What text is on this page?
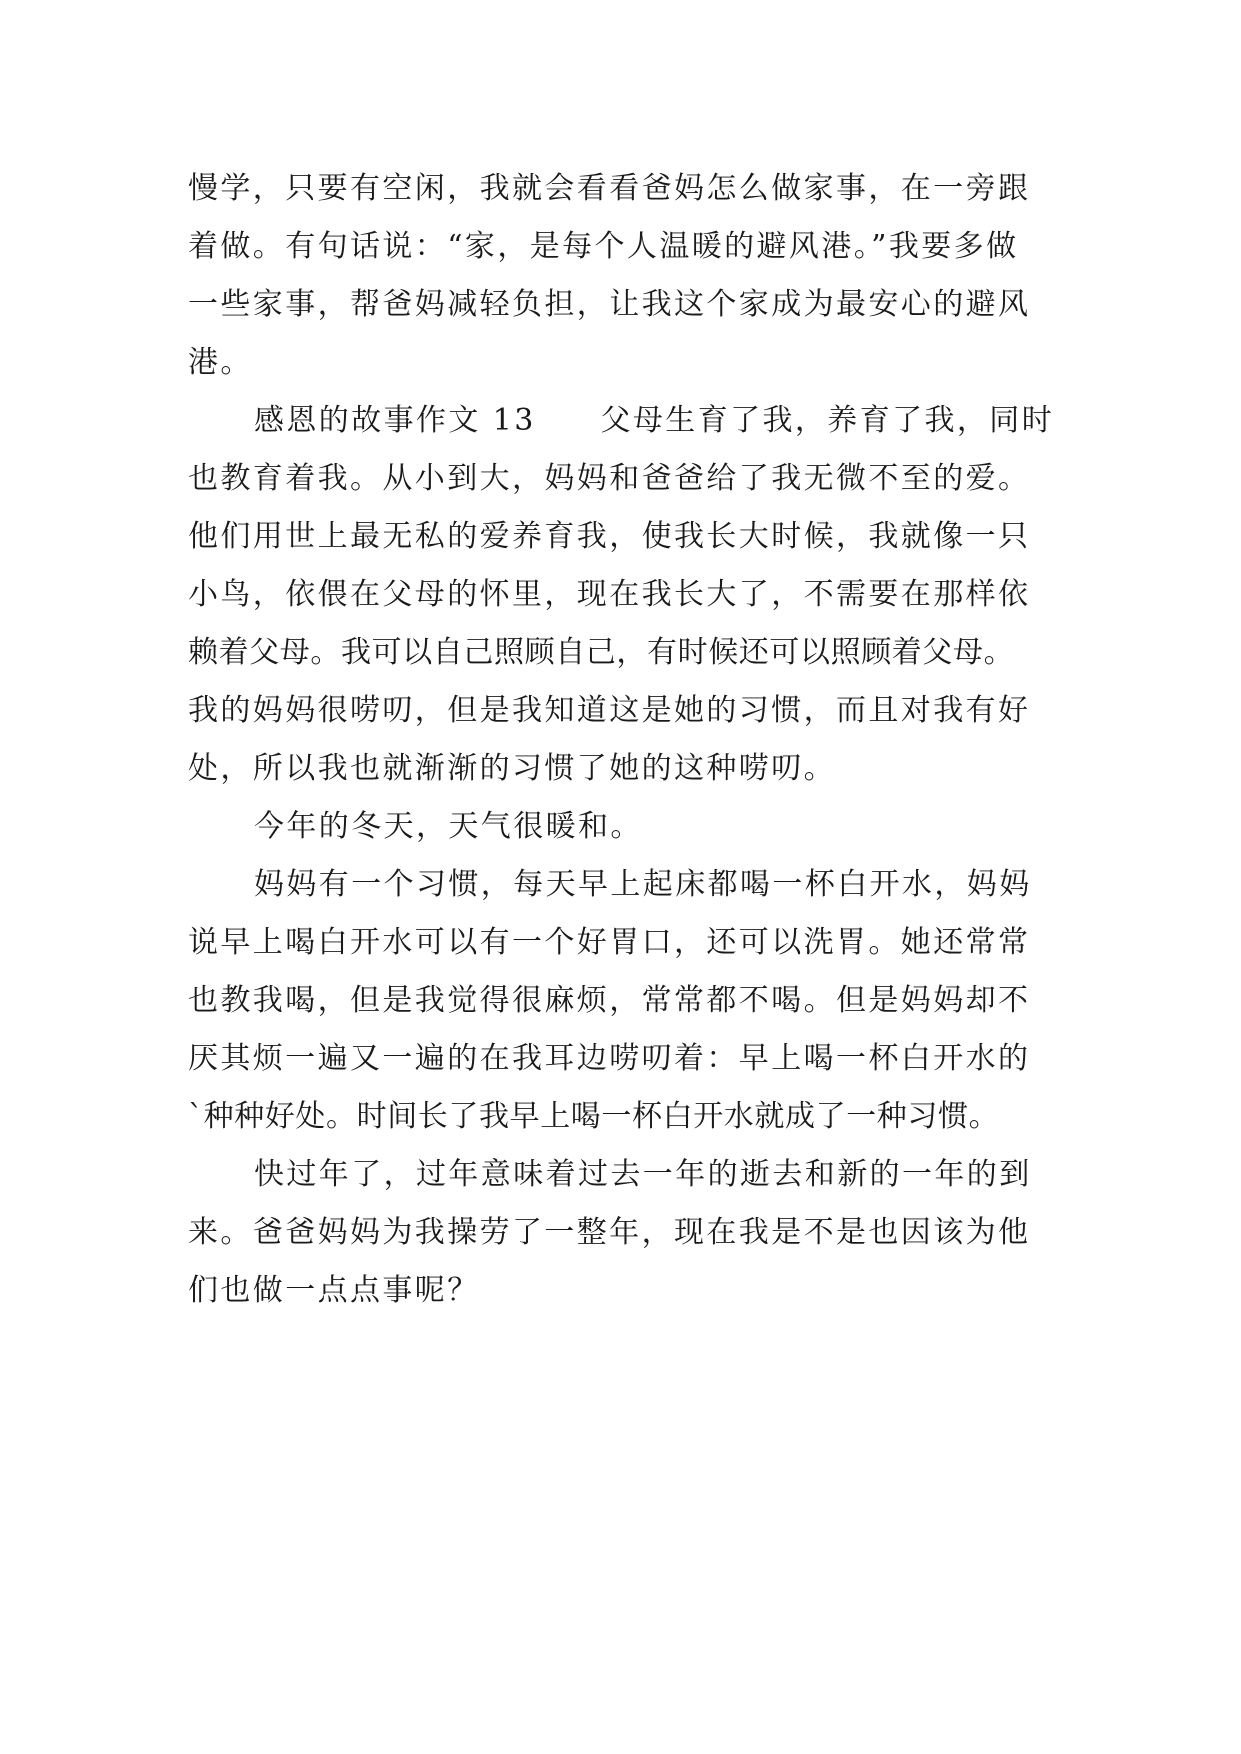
慢学，只要有空闲，我就会看看爸妈怎么做家事，在一旁跟
着做。有句话说：“家，是每个人温暖的避风港。”我要多做
一些家事，帮爸妈减轻负担，让我这个家成为最安心的避风
港。
感恩的故事作文 13　　父母生育了我，养育了我，同时
也教育着我。从小到大，妈妈和爸爸给了我无微不至的爱。
他们用世上最无私的爱养育我，使我长大时候，我就像一只
小鸟，依偎在父母的怀里，现在我长大了，不需要在那样依
赖着父母。我可以自己照顾自己，有时候还可以照顾着父母。
我的妈妈很唠叨，但是我知道这是她的习惯，而且对我有好
处，所以我也就渐渐的习惯了她的这种唠叨。
今年的冬天，天气很暖和。
妈妈有一个习惯，每天早上起床都喝一杯白开水，妈妈
说早上喝白开水可以有一个好胃口，还可以洗胃。她还常常
也教我喝，但是我觉得很麻烦，常常都不喝。但是妈妈却不
厌其烦一遍又一遍的在我耳边唠叨着：早上喝一杯白开水的
`种种好处。时间长了我早上喝一杯白开水就成了一种习惯。
快过年了，过年意味着过去一年的逝去和新的一年的到
来。爸爸妈妈为我操劳了一整年，现在我是不是也因该为他
们也做一点点事呢？
